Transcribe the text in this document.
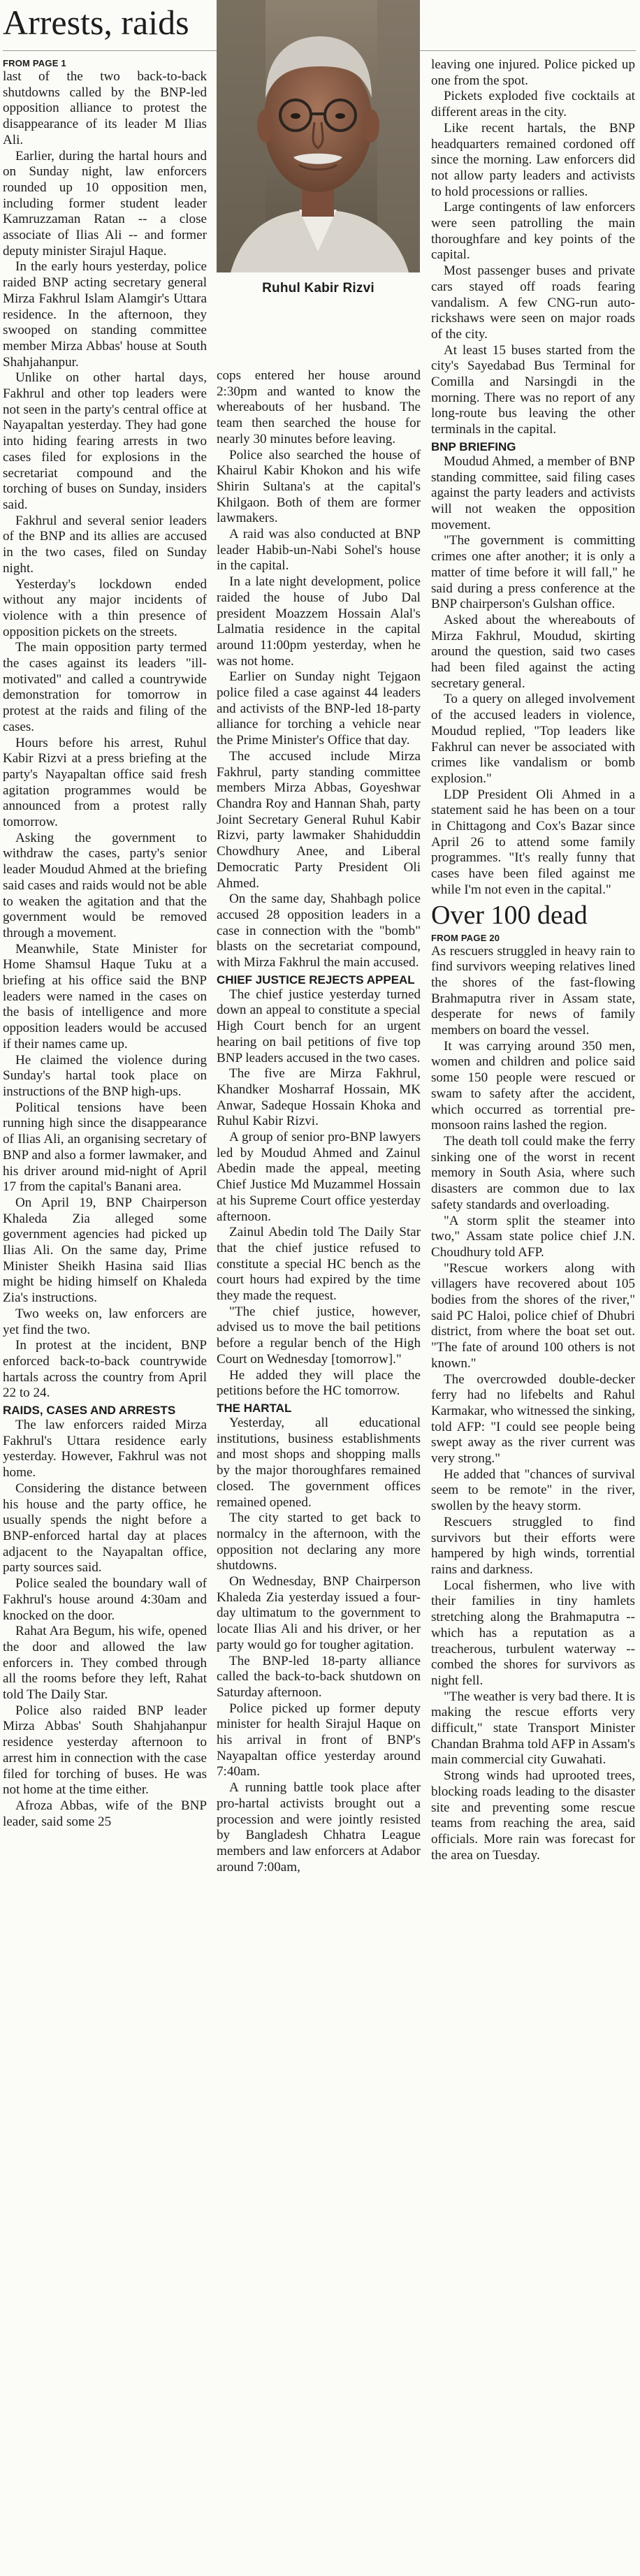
Arrests, raids
Ruhul Kabir Rizvi
FROM PAGE 1

last of the two back-to-back shutdowns called by the BNP-led opposition alliance to protest the disappearance of its leader M Ilias Ali.

Earlier, during the hartal hours and on Sunday night, law enforcers rounded up 10 opposition men, including former student leader Kamruzzaman Ratan -- a close associate of Ilias Ali -- and former deputy minister Sirajul Haque.

In the early hours yesterday, police raided BNP acting secretary general Mirza Fakhrul Islam Alamgir's Uttara residence. In the afternoon, they swooped on standing committee member Mirza Abbas' house at South Shahjahanpur.

Unlike on other hartal days, Fakhrul and other top leaders were not seen in the party's central office at Nayapaltan yesterday. They had gone into hiding fearing arrests in two cases filed for explosions in the secretariat compound and the torching of buses on Sunday, insiders said.

Fakhrul and several senior leaders of the BNP and its allies are accused in the two cases, filed on Sunday night.

Yesterday's lockdown ended without any major incidents of violence with a thin presence of opposition pickets on the streets.

The main opposition party termed the cases against its leaders "ill-motivated" and called a countrywide demonstration for tomorrow in protest at the raids and filing of the cases.

Hours before his arrest, Ruhul Kabir Rizvi at a press briefing at the party's Nayapaltan office said fresh agitation programmes would be announced from a protest rally tomorrow.

Asking the government to withdraw the cases, party's senior leader Moudud Ahmed at the briefing said cases and raids would not be able to weaken the agitation and that the government would be removed through a movement.

Meanwhile, State Minister for Home Shamsul Haque Tuku at a briefing at his office said the BNP leaders were named in the cases on the basis of intelligence and more opposition leaders would be accused if their names came up.

He claimed the violence during Sunday's hartal took place on instructions of the BNP high-ups.

Political tensions have been running high since the disappearance of Ilias Ali, an organising secretary of BNP and also a former lawmaker, and his driver around mid-night of April 17 from the capital's Banani area.

On April 19, BNP Chairperson Khaleda Zia alleged some government agencies had picked up Ilias Ali. On the same day, Prime Minister Sheikh Hasina said Ilias might be hiding himself on Khaleda Zia's instructions.

Two weeks on, law enforcers are yet find the two.

In protest at the incident, BNP enforced back-to-back countrywide hartals across the country from April 22 to 24.

RAIDS, CASES AND ARRESTS

The law enforcers raided Mirza Fakhrul's Uttara residence early yesterday. However, Fakhrul was not home.

Considering the distance between his house and the party office, he usually spends the night before a BNP-enforced hartal day at places adjacent to the Nayapaltan office, party sources said.

Police sealed the boundary wall of Fakhrul's house around 4:30am and knocked on the door.

Rahat Ara Begum, his wife, opened the door and allowed the law enforcers in. They combed through all the rooms before they left, Rahat told The Daily Star.

Police also raided BNP leader Mirza Abbas' South Shahjahanpur residence yesterday afternoon to arrest him in connection with the case filed for torching of buses. He was not home at the time either.

Afroza Abbas, wife of the BNP leader, said some 25

cops entered her house around 2:30pm and wanted to know the whereabouts of her husband. The team then searched the house for nearly 30 minutes before leaving.

Police also searched the house of Khairul Kabir Khokon and his wife Shirin Sultana's at the capital's Khilgaon. Both of them are former lawmakers.

A raid was also conducted at BNP leader Habib-un-Nabi Sohel's house in the capital.

In a late night development, police raided the house of Jubo Dal president Moazzem Hossain Alal's Lalmatia residence in the capital around 11:00pm yesterday, when he was not home.

Earlier on Sunday night Tejgaon police filed a case against 44 leaders and activists of the BNP-led 18-party alliance for torching a vehicle near the Prime Minister's Office that day.

The accused include Mirza Fakhrul, party standing committee members Mirza Abbas, Goyeshwar Chandra Roy and Hannan Shah, party Joint Secretary General Ruhul Kabir Rizvi, party lawmaker Shahiduddin Chowdhury Anee, and Liberal Democratic Party President Oli Ahmed.

On the same day, Shahbagh police accused 28 opposition leaders in a case in connection with the "bomb" blasts on the secretariat compound, with Mirza Fakhrul the main accused.

CHIEF JUSTICE REJECTS APPEAL

The chief justice yesterday turned down an appeal to constitute a special High Court bench for an urgent hearing on bail petitions of five top BNP leaders accused in the two cases.

The five are Mirza Fakhrul, Khandker Mosharraf Hossain, MK Anwar, Sadeque Hossain Khoka and Ruhul Kabir Rizvi.

A group of senior pro-BNP lawyers led by Moudud Ahmed and Zainul Abedin made the appeal, meeting Chief Justice Md Muzammel Hossain at his Supreme Court office yesterday afternoon.

Zainul Abedin told The Daily Star that the chief justice refused to constitute a special HC bench as the court hours had expired by the time they made the request.

"The chief justice, however, advised us to move the bail petitions before a regular bench of the High Court on Wednesday [tomorrow]."

He added they will place the petitions before the HC tomorrow.

THE HARTAL

Yesterday, all educational institutions, business establishments and most shops and shopping malls by the major thoroughfares remained closed. The government offices remained opened.

The city started to get back to normalcy in the afternoon, with the opposition not declaring any more shutdowns.

On Wednesday, BNP Chairperson Khaleda Zia yesterday issued a four-day ultimatum to the government to locate Ilias Ali and his driver, or her party would go for tougher agitation.

The BNP-led 18-party alliance called the back-to-back shutdown on Saturday afternoon.

Police picked up former deputy minister for health Sirajul Haque on his arrival in front of BNP's Nayapaltan office yesterday around 7:40am.

A running battle took place after pro-hartal activists brought out a procession and were jointly resisted by Bangladesh Chhatra League members and law enforcers at Adabor around 7:00am,

leaving one injured. Police picked up one from the spot.

Pickets exploded five cocktails at different areas in the city.

Like recent hartals, the BNP headquarters remained cordoned off since the morning. Law enforcers did not allow party leaders and activists to hold processions or rallies.

Large contingents of law enforcers were seen patrolling the main thoroughfare and key points of the capital.

Most passenger buses and private cars stayed off roads fearing vandalism. A few CNG-run auto-rickshaws were seen on major roads of the city.

At least 15 buses started from the city's Sayedabad Bus Terminal for Comilla and Narsingdi in the morning. There was no report of any long-route bus leaving the other terminals in the capital.

BNP BRIEFING

Moudud Ahmed, a member of BNP standing committee, said filing cases against the party leaders and activists will not weaken the opposition movement.

"The government is committing crimes one after another; it is only a matter of time before it will fall," he said during a press conference at the BNP chairperson's Gulshan office.

Asked about the whereabouts of Mirza Fakhrul, Moudud, skirting around the question, said two cases had been filed against the acting secretary general.

To a query on alleged involvement of the accused leaders in violence, Moudud replied, "Top leaders like Fakhrul can never be associated with crimes like vandalism or bomb explosion."

LDP President Oli Ahmed in a statement said he has been on a tour in Chittagong and Cox's Bazar since April 26 to attend some family programmes. "It's really funny that cases have been filed against me while I'm not even in the capital."

Over 100 dead
FROM PAGE 20

As rescuers struggled in heavy rain to find survivors weeping relatives lined the shores of the fast-flowing Brahmaputra river in Assam state, desperate for news of family members on board the vessel.

It was carrying around 350 men, women and children and police said some 150 people were rescued or swam to safety after the accident, which occurred as torrential pre-monsoon rains lashed the region.

The death toll could make the ferry sinking one of the worst in recent memory in South Asia, where such disasters are common due to lax safety standards and overloading.

"A storm split the steamer into two," Assam state police chief J.N. Choudhury told AFP.

"Rescue workers along with villagers have recovered about 105 bodies from the shores of the river," said PC Haloi, police chief of Dhubri district, from where the boat set out. "The fate of around 100 others is not known."

The overcrowded double-decker ferry had no lifebelts and Rahul Karmakar, who witnessed the sinking, told AFP: "I could see people being swept away as the river current was very strong."

He added that "chances of survival seem to be remote" in the river, swollen by the heavy storm.

Rescuers struggled to find survivors but their efforts were hampered by high winds, torrential rains and darkness.

Local fishermen, who live with their families in tiny hamlets stretching along the Brahmaputra -- which has a reputation as a treacherous, turbulent waterway -- combed the shores for survivors as night fell.

"The weather is very bad there. It is making the rescue efforts very difficult," state Transport Minister Chandan Brahma told AFP in Assam's main commercial city Guwahati.

Strong winds had uprooted trees, blocking roads leading to the disaster site and preventing some rescue teams from reaching the area, said officials. More rain was forecast for the area on Tuesday.
